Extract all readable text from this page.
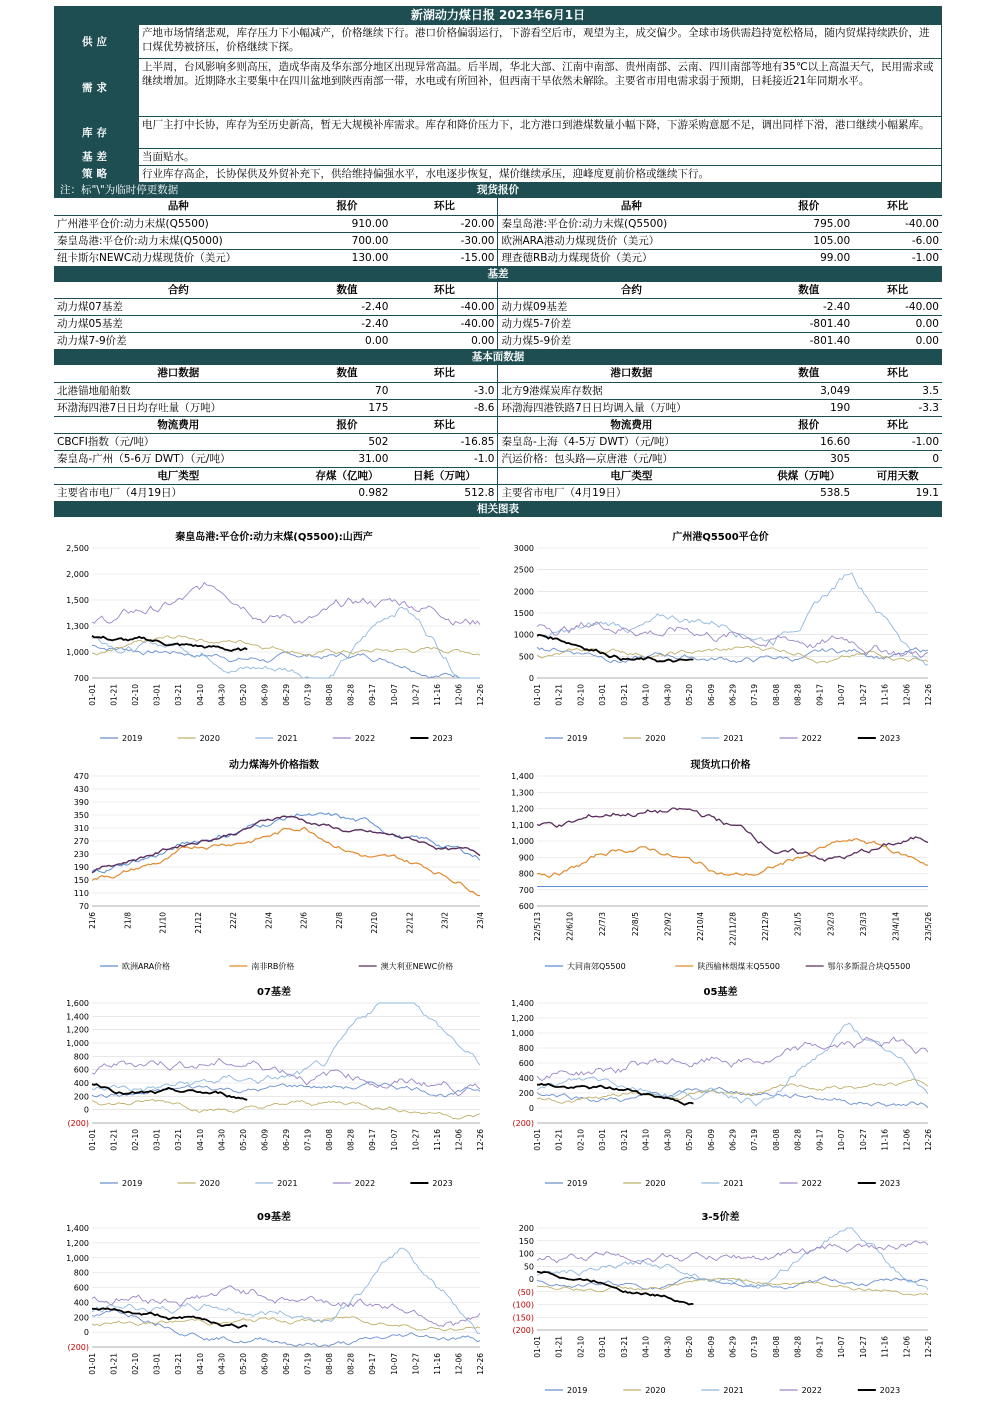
新湖动力煤日报 2023年6月1日
供应	产地市场情绪悲观，库存压力下小幅减产，价格继续下行。港口价格偏弱运行，下游看空后市，观望为主，成交偏少。全球市场供需趋持宽松格局，随内贸煤持续跌价，进口煤优势被挤压，价格继续下探。
需求	上半周，台风影响多则高压，造成华南及华东部分地区出现异常高温。后半周，华北大部、江南中南部、贵州南部、云南、四川南部等地有35℃以上高温天气，民用需求或继续增加。近期降水主要集中在四川盆地到陕西南部一带，水电或有所回补，但西南干旱依然未解除。主要省市用电需求弱于预期，日耗接近21年同期水平。
库存	电厂主打中长协，库存为至历史新高，暂无大规模补库需求。库存和降价压力下，北方港口到港煤数量小幅下降，下游采购意愿不足，调出同样下滑，港口继续小幅累库。
基差	当面贴水。
策略	行业库存高企，长协保供及外贸补充下，供给维持偏强水平，水电逐步恢复，煤价继续承压，迎峰度夏前价格或继续下行。
注：标"\"为临时停更数据	现货报价
品种	报价	环比	品种	报价	环比
广州港平仓价:动力末煤(Q5500)	910.00	-20.00	秦皇岛港:平仓价:动力末煤(Q5500)	795.00	-40.00
秦皇岛港:平仓价:动力末煤(Q5000)	700.00	-30.00	欧洲ARA港动力煤现货价（美元）	105.00	-6.00
纽卡斯尔NEWC动力煤现货价（美元）	130.00	-15.00	理查德RB动力煤现货价（美元）	99.00	-1.00
基差
合约	数值	环比	合约	数值	环比
动力煤07基差	-2.40	-40.00	动力煤09基差	-2.40	-40.00
动力煤05基差	-2.40	-40.00	动力煤5-7价差	-801.40	0.00
动力煤7-9价差	0.00	0.00	动力煤5-9价差	-801.40	0.00
基本面数据
港口数据	数值	环比	港口数据	数值	环比
北港锚地船舶数	70	-3.0	北方9港煤炭库存数据	3,049	3.5
环渤海四港7日日均存吐量（万吨）	175	-8.6	环渤海四港铁路7日日均调入量（万吨）	190	-3.3
物流费用	报价	环比	物流费用	报价	环比
CBCFI指数（元/吨）	502	-16.85	秦皇岛-上海（4-5万 DWT）（元/吨）	16.60	-1.00
秦皇岛-广州（5-6万 DWT）（元/吨）	31.00	-1.0	汽运价格：包头路—京唐港（元/吨）	305	0
电厂类型	存煤（亿吨）	日耗（万吨）	电厂类型	供煤（万吨）	可用天数
主要省市电厂（4月19日）	0.982	512.8	主要省市电厂（4月19日）	538.5	19.1
相关图表
秦皇岛港:平仓价:动力末煤(Q5500):山西产
2,500
2,000
1,500
1,300
1,000
700
01-01 01-21 02-10 03-01 03-21 04-10 04-30 05-20 06-09 06-29 07-19 08-08 08-28 09-17 10-07 10-27 11-16 12-06 12-26
2019	2020	2021	2022	2023
广州港Q5500平仓价
3000
2500
2000
1500
1000
500
0
01-01 01-21 02-10 03-01 03-21 04-10 04-30 05-20 06-09 06-29 07-19 08-08 08-28 09-17 10-07 10-27 11-16 12-06 12-26
2019	2020	2021	2022	2023
动力煤海外价格指数
470
430
390
350
310
270
230
190
150
110
70
21/6	21/8	21/10	21/12	22/2	22/4	22/6	22/8	22/10	22/12	23/2	23/4
欧洲ARA价格	南非RB价格	澳大利亚NEWC价格
现货坑口价格
1,400
1,300
1,200
1,100
1,000
900
800
700
600
22/5/13	22/6/10	22/7/3	22/8/5	22/9/2	22/10/4	22/11/28	22/12/9	23/1/5	23/2/3	23/3/3	23/4/14	23/5/26
大同南郊Q5500	陕西榆林烟煤末Q5500	鄂尔多斯混合块Q5500
07基差
1,600
1,400
1,200
1,000
800
600
400
200
0
(200)
01-01 01-21 02-10 03-01 03-21 04-10 04-30 05-20 06-09 06-29 07-19 08-08 08-28 09-17 10-07 10-27 11-16 12-06 12-26
2019	2020	2021	2022	2023
05基差
1,400
1,200
1,000
800
600
400
200
0
(200)
01-01 01-21 02-10 03-01 03-21 04-10 04-30 05-20 06-09 06-29 07-19 08-08 08-28 09-17 10-07 10-27 11-16 12-06 12-26
2019	2020	2021	2022	2023
09基差
1,400
1,200
1,000
800
600
400
200
0
(200)
01-01 01-21 02-10 03-01 03-21 04-10 04-30 05-20 06-09 06-29 07-19 08-08 08-28 09-17 10-07 10-27 11-16 12-06 12-26
3-5价差
200
150
100
50
0
(50)
(100)
(150)
(200)
01-01 01-21 02-10 03-01 03-21 04-10 04-30 05-20 06-09 06-29 07-19 08-08 08-28 09-17 10-07 10-27 11-16 12-06 12-26
2019	2020	2021	2022	2023
